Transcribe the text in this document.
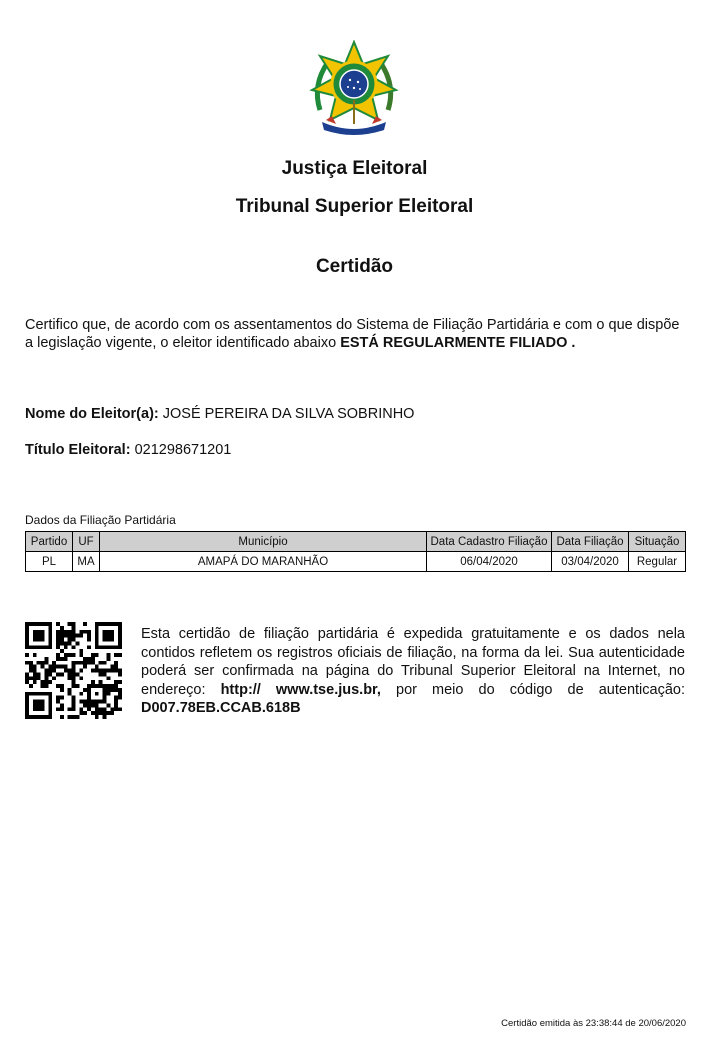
Justiça Eleitoral
Tribunal Superior Eleitoral
Certidão
Certifico que, de acordo com os assentamentos do Sistema de Filiação Partidária e com o que dispõe a legislação vigente, o eleitor identificado abaixo ESTÁ REGULARMENTE FILIADO .
Nome do Eleitor(a): JOSÉ PEREIRA DA SILVA SOBRINHO
Título Eleitoral: 021298671201
Dados da Filiação Partidária
Partido	UF	Município	Data Cadastro Filiação	Data Filiação	Situação
PL	MA	AMAPÁ DO MARANHÃO	06/04/2020	03/04/2020	Regular
Esta certidão de filiação partidária é expedida gratuitamente e os dados nela contidos refletem os registros oficiais de filiação, na forma da lei. Sua autenticidade poderá ser confirmada na página do Tribunal Superior Eleitoral na Internet, no endereço: http:// www.tse.jus.br, por meio do código de autenticação: D007.78EB.CCAB.618B
Certidão emitida às 23:38:44 de 20/06/2020
